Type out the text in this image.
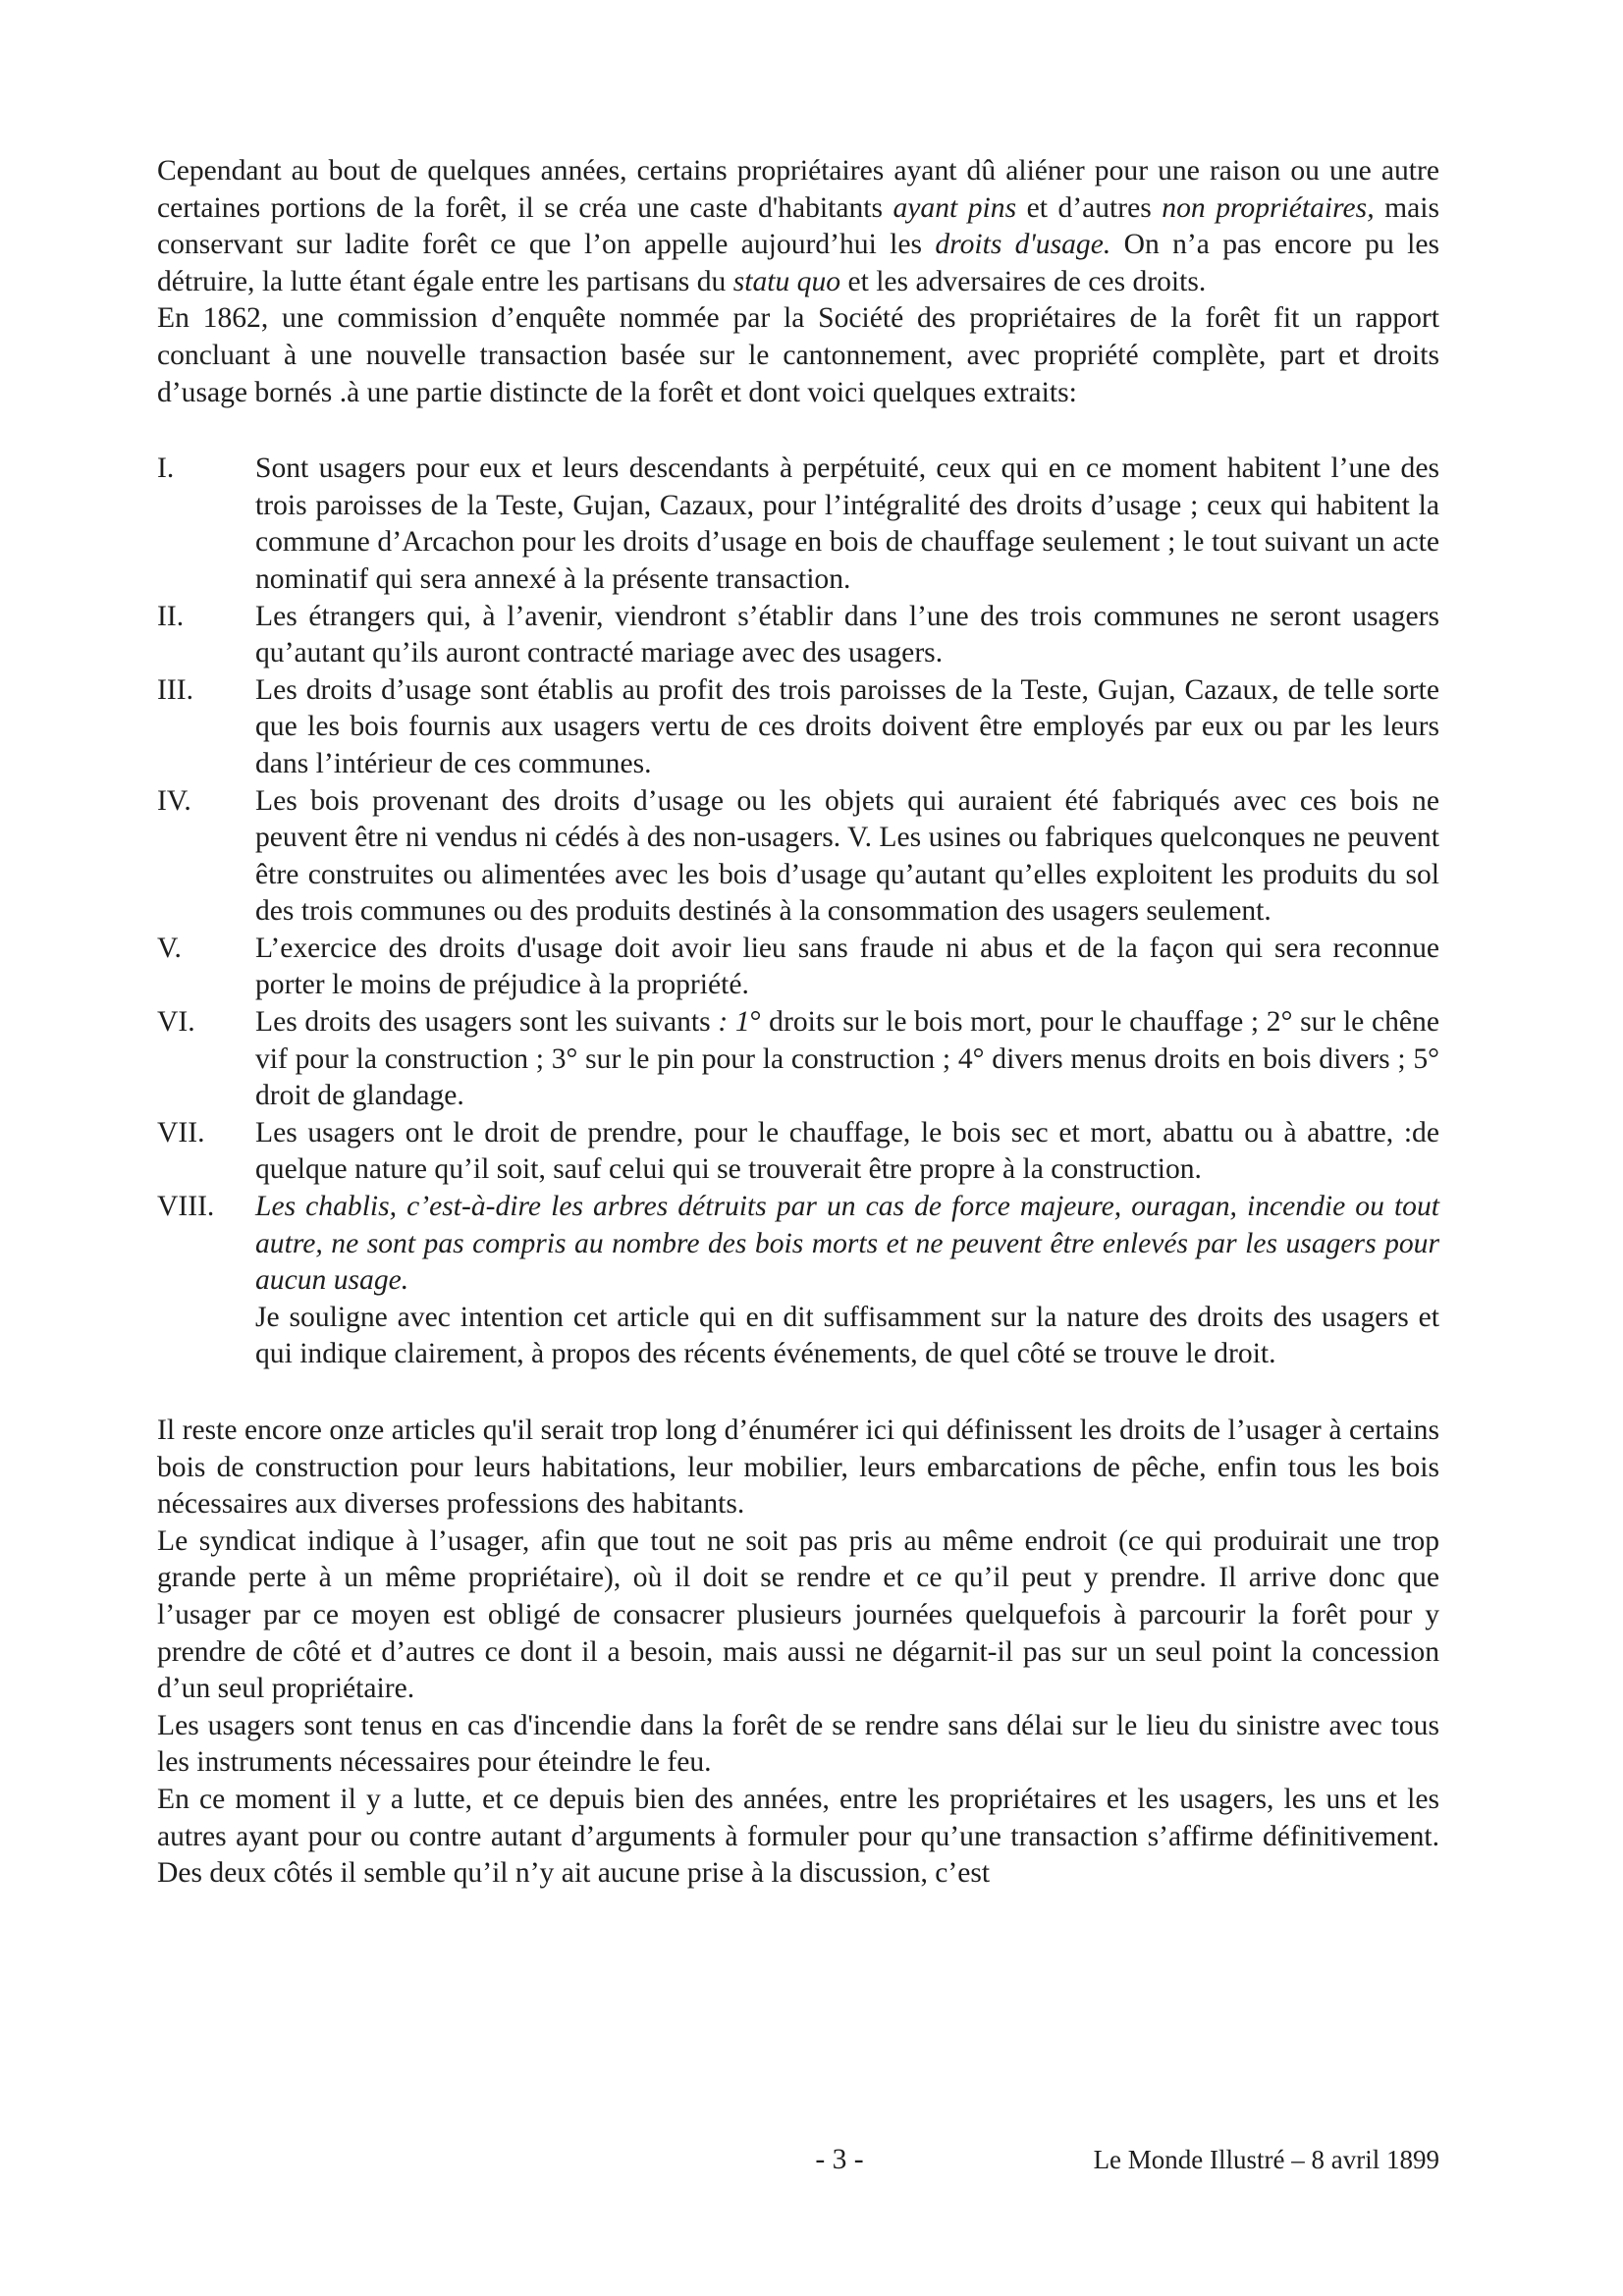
Cependant au bout de quelques années, certains propriétaires ayant dû aliéner pour une raison ou une autre certaines portions de la forêt, il se créa une caste d'habitants ayant pins et d’autres non propriétaires, mais conservant sur ladite forêt ce que l’on appelle aujourd’hui les droits d'usage. On n’a pas encore pu les détruire, la lutte étant égale entre les partisans du statu quo et les adversaires de ces droits.

En 1862, une commission d’enquête nommée par la Société des propriétaires de la forêt fit un rapport concluant à une nouvelle transaction basée sur le cantonnement, avec propriété complète, part et droits d’usage bornés .à une partie distincte de la forêt et dont voici quelques extraits:

I.	Sont usagers pour eux et leurs descendants à perpétuité, ceux qui en ce moment habitent l’une des trois paroisses de la Teste, Gujan, Cazaux, pour l’intégralité des droits d’usage ; ceux qui habitent la commune d’Arcachon pour les droits d’usage en bois de chauffage seulement ; le tout suivant un acte nominatif qui sera annexé à la présente transaction.
II.	Les étrangers qui, à l’avenir, viendront s’établir dans l’une des trois communes ne seront usagers qu’autant qu’ils auront contracté mariage avec des usagers.
III.	Les droits d’usage sont établis au profit des trois paroisses de la Teste, Gujan, Cazaux, de telle sorte que les bois fournis aux usagers vertu de ces droits doivent être employés par eux ou par les leurs dans l’intérieur de ces communes.
IV.	Les bois provenant des droits d’usage ou les objets qui auraient été fabriqués avec ces bois ne peuvent être ni vendus ni cédés à des non-usagers. V. Les usines ou fabriques quelconques ne peuvent être construites ou alimentées avec les bois d’usage qu’autant qu’elles exploitent les produits du sol des trois communes ou des produits destinés à la consommation des usagers seulement.
V.	L’exercice des droits d'usage doit avoir lieu sans fraude ni abus et de la façon qui sera reconnue porter le moins de préjudice à la propriété.
VI.	Les droits des usagers sont les suivants : 1° droits sur le bois mort, pour le chauffage ; 2° sur le chêne vif pour la construction ; 3° sur le pin pour la construction ; 4° divers menus droits en bois divers ; 5° droit de glandage.
VII.	Les usagers ont le droit de prendre, pour le chauffage, le bois sec et mort, abattu ou à abattre, :de quelque nature qu’il soit, sauf celui qui se trouverait être propre à la construction.
VIII.	Les chablis, c’est-à-dire les arbres détruits par un cas de force majeure, ouragan, incendie ou tout autre, ne sont pas compris au nombre des bois morts et ne peuvent être enlevés par les usagers pour aucun usage.

Je souligne avec intention cet article qui en dit suffisamment sur la nature des droits des usagers et qui indique clairement, à propos des récents événements, de quel côté se trouve le droit.

Il reste encore onze articles qu'il serait trop long d’énumérer ici qui définissent les droits de l’usager à certains bois de construction pour leurs habitations, leur mobilier, leurs embarcations de pêche, enfin tous les bois nécessaires aux diverses professions des habitants.

Le syndicat indique à l’usager, afin que tout ne soit pas pris au même endroit (ce qui produirait une trop grande perte à un même propriétaire), où il doit se rendre et ce qu’il peut y prendre. Il arrive donc que l’usager par ce moyen est obligé de consacrer plusieurs journées quelquefois à parcourir la forêt pour y prendre de côté et d’autres ce dont il a besoin, mais aussi ne dégarnit-il pas sur un seul point la concession d’un seul propriétaire.

Les usagers sont tenus en cas d'incendie dans la forêt de se rendre sans délai sur le lieu du sinistre avec tous les instruments nécessaires pour éteindre le feu.

En ce moment il y a lutte, et ce depuis bien des années, entre les propriétaires et les usagers, les uns et les autres ayant pour ou contre autant d’arguments à formuler pour qu’une transaction s’affirme définitivement. Des deux côtés il semble qu’il n’y ait aucune prise à la discussion, c’est

- 3 -	Le Monde Illustré – 8 avril 1899
